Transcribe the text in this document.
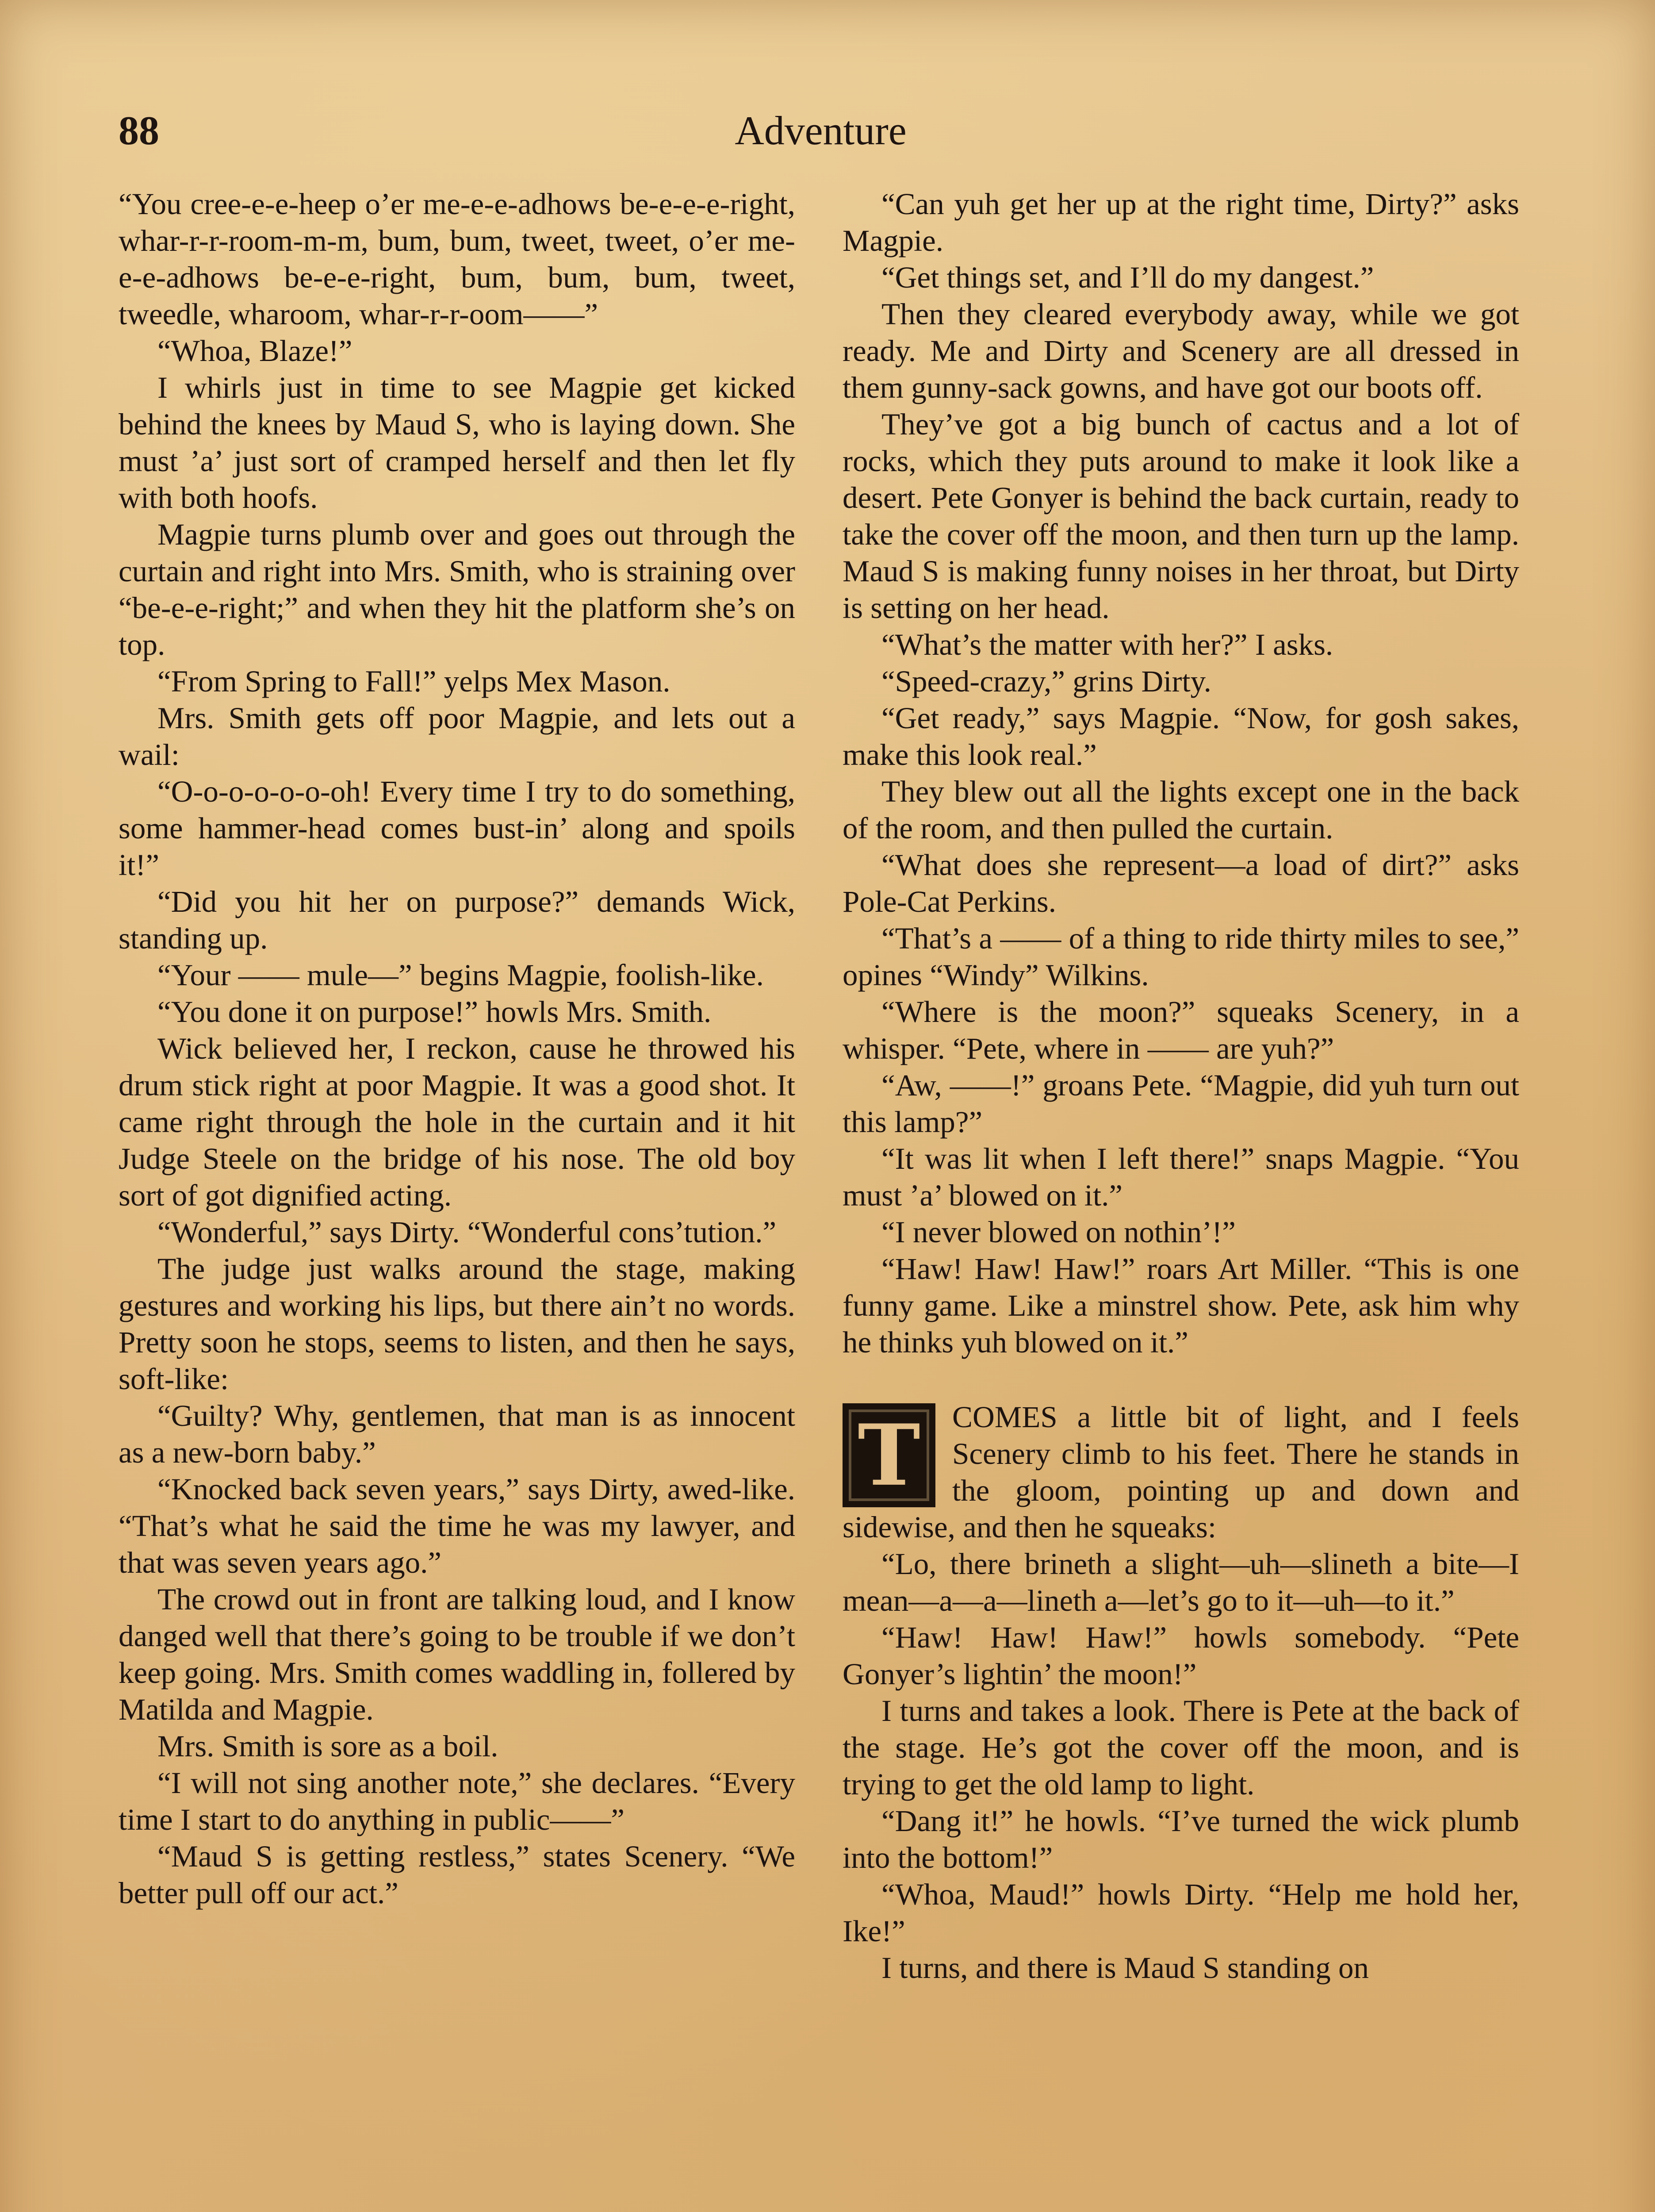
88	Adventure

“You cree-e-e-heep o’er me-e-e-adhows be-e-e-e-right, whar-r-r-room-m-m, bum, bum, tweet, tweet, o’er me-e-e-adhows be-e-e-right, bum, bum, bum, tweet, tweedle, wharoom, whar-r-r-oom——”

“Whoa, Blaze!”

I whirls just in time to see Magpie get kicked behind the knees by Maud S, who is laying down. She must ’a’ just sort of cramped herself and then let fly with both hoofs.

Magpie turns plumb over and goes out through the curtain and right into Mrs. Smith, who is straining over “be-e-e-right;” and when they hit the platform she’s on top.

“From Spring to Fall!” yelps Mex Mason.

Mrs. Smith gets off poor Magpie, and lets out a wail:

“O-o-o-o-o-o-oh! Every time I try to do something, some hammer-head comes bust-in’ along and spoils it!”

“Did you hit her on purpose?” demands Wick, standing up.

“Your —— mule—” begins Magpie, foolish-like.

“You done it on purpose!” howls Mrs. Smith.

Wick believed her, I reckon, cause he throwed his drum stick right at poor Magpie. It was a good shot. It came right through the hole in the curtain and it hit Judge Steele on the bridge of his nose. The old boy sort of got dignified acting.

“Wonderful,” says Dirty. “Wonderful cons’tution.”

The judge just walks around the stage, making gestures and working his lips, but there ain’t no words. Pretty soon he stops, seems to listen, and then he says, soft-like:

“Guilty? Why, gentlemen, that man is as innocent as a new-born baby.”

“Knocked back seven years,” says Dirty, awed-like. “That’s what he said the time he was my lawyer, and that was seven years ago.”

The crowd out in front are talking loud, and I know danged well that there’s going to be trouble if we don’t keep going. Mrs. Smith comes waddling in, follered by Matilda and Magpie.

Mrs. Smith is sore as a boil.

“I will not sing another note,” she declares. “Every time I start to do anything in public——”

“Maud S is getting restless,” states Scenery. “We better pull off our act.”

“Can yuh get her up at the right time, Dirty?” asks Magpie.

“Get things set, and I’ll do my dangest.”

Then they cleared everybody away, while we got ready. Me and Dirty and Scenery are all dressed in them gunny-sack gowns, and have got our boots off.

They’ve got a big bunch of cactus and a lot of rocks, which they puts around to make it look like a desert. Pete Gonyer is behind the back curtain, ready to take the cover off the moon, and then turn up the lamp. Maud S is making funny noises in her throat, but Dirty is setting on her head.

“What’s the matter with her?” I asks.

“Speed-crazy,” grins Dirty.

“Get ready,” says Magpie. “Now, for gosh sakes, make this look real.”

They blew out all the lights except one in the back of the room, and then pulled the curtain.

“What does she represent—a load of dirt?” asks Pole-Cat Perkins.

“That’s a —— of a thing to ride thirty miles to see,” opines “Windy” Wilkins.

“Where is the moon?” squeaks Scenery, in a whisper. “Pete, where in —— are yuh?”

“Aw, ——!” groans Pete. “Magpie, did yuh turn out this lamp?”

“It was lit when I left there!” snaps Magpie. “You must ’a’ blowed on it.”

“I never blowed on nothin’!”

“Haw! Haw! Haw!” roars Art Miller. “This is one funny game. Like a minstrel show. Pete, ask him why he thinks yuh blowed on it.”

T COMES a little bit of light, and I feels Scenery climb to his feet. There he stands in the gloom, pointing up and down and sidewise, and then he squeaks:

“Lo, there brineth a slight—uh—slineth a bite—I mean—a—a—lineth a—let’s go to it—uh—to it.”

“Haw! Haw! Haw!” howls somebody. “Pete Gonyer’s lightin’ the moon!”

I turns and takes a look. There is Pete at the back of the stage. He’s got the cover off the moon, and is trying to get the old lamp to light.

“Dang it!” he howls. “I’ve turned the wick plumb into the bottom!”

“Whoa, Maud!” howls Dirty. “Help me hold her, Ike!”

I turns, and there is Maud S standing on
